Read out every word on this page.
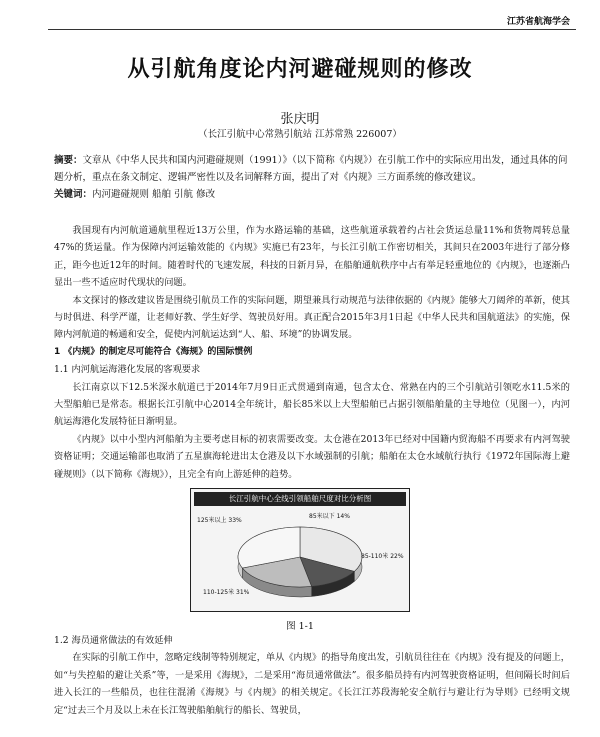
江苏省航海学会
从引航角度论内河避碰规则的修改
张庆明
（长江引航中心常熟引航站 江苏常熟 226007）
摘要：文章从《中华人民共和国内河避碰规则（1991）》（以下简称《内规》）在引航工作中的实际应用出发，通过具体的问题分析，重点在条文制定、逻辑严密性以及名词解释方面，提出了对《内规》三方面系统的修改建议。
关键词：内河避碰规则 船舶 引航 修改

我国现有内河航道通航里程近13万公里，作为水路运输的基础，这些航道承载着约占社会货运总量11%和货物周转总量47%的货运量。作为保障内河运输效能的《内规》实施已有23年，与长江引航工作密切相关，其间只在2003年进行了部分修正，距今也近12年的时间。随着时代的飞速发展，科技的日新月异，在船舶通航秩序中占有举足轻重地位的《内规》，也逐渐凸显出一些不适应时代现状的问题。

本文探讨的修改建议皆是围绕引航员工作的实际问题，期望兼具行动规范与法律依据的《内规》能够大刀阔斧的革新，使其与时俱进、科学严谨，让老师好教、学生好学、驾驶员好用。真正配合2015年3月1日起《中华人民共和国航道法》的实施，保障内河航道的畅通和安全，促使内河航运达到“人、船、环境”的协调发展。

1 《内规》的制定尽可能符合《海规》的国际惯例

1.1 内河航运海港化发展的客观要求

长江南京以下12.5米深水航道已于2014年7月9日正式贯通到南通，包含太仓、常熟在内的三个引航站引领吃水11.5米的大型船舶已是常态。根据长江引航中心2014全年统计，船长85米以上大型船舶已占据引领船舶量的主导地位（见图一），内河航运海港化发展特征日渐明显。

《内规》以中小型内河船舶为主要考虑目标的初衷需要改变。太仓港在2013年已经对中国籍内贸海船不再要求有内河驾驶资格证明；交通运输部也取消了五星旗海轮进出太仓港及以下水域强制的引航；船舶在太仓水域航行执行《1972年国际海上避碰规则》（以下简称《海规》），且完全有向上游延伸的趋势。

长江引航中心全线引领船舶尺度对比分析图
125米以上 33%
85米以下 14%
85-110米 22%
110-125米 31%
图 1-1

1.2 海员通常做法的有效延伸

在实际的引航工作中，忽略定线制等特别规定，单从《内规》的指导角度出发，引航员往往在《内规》没有提及的问题上，如“与失控船的避让关系”等，一是采用《海规》，二是采用“海员通常做法”。很多船员持有内河驾驶资格证明，但间隔长时间后进入长江的一些船员，也往往混淆《海规》与《内规》的相关规定。《长江江苏段海轮安全航行与避让行为导则》已经明文规定“过去三个月及以上未在长江驾驶船舶航行的船长、驾驶员，
